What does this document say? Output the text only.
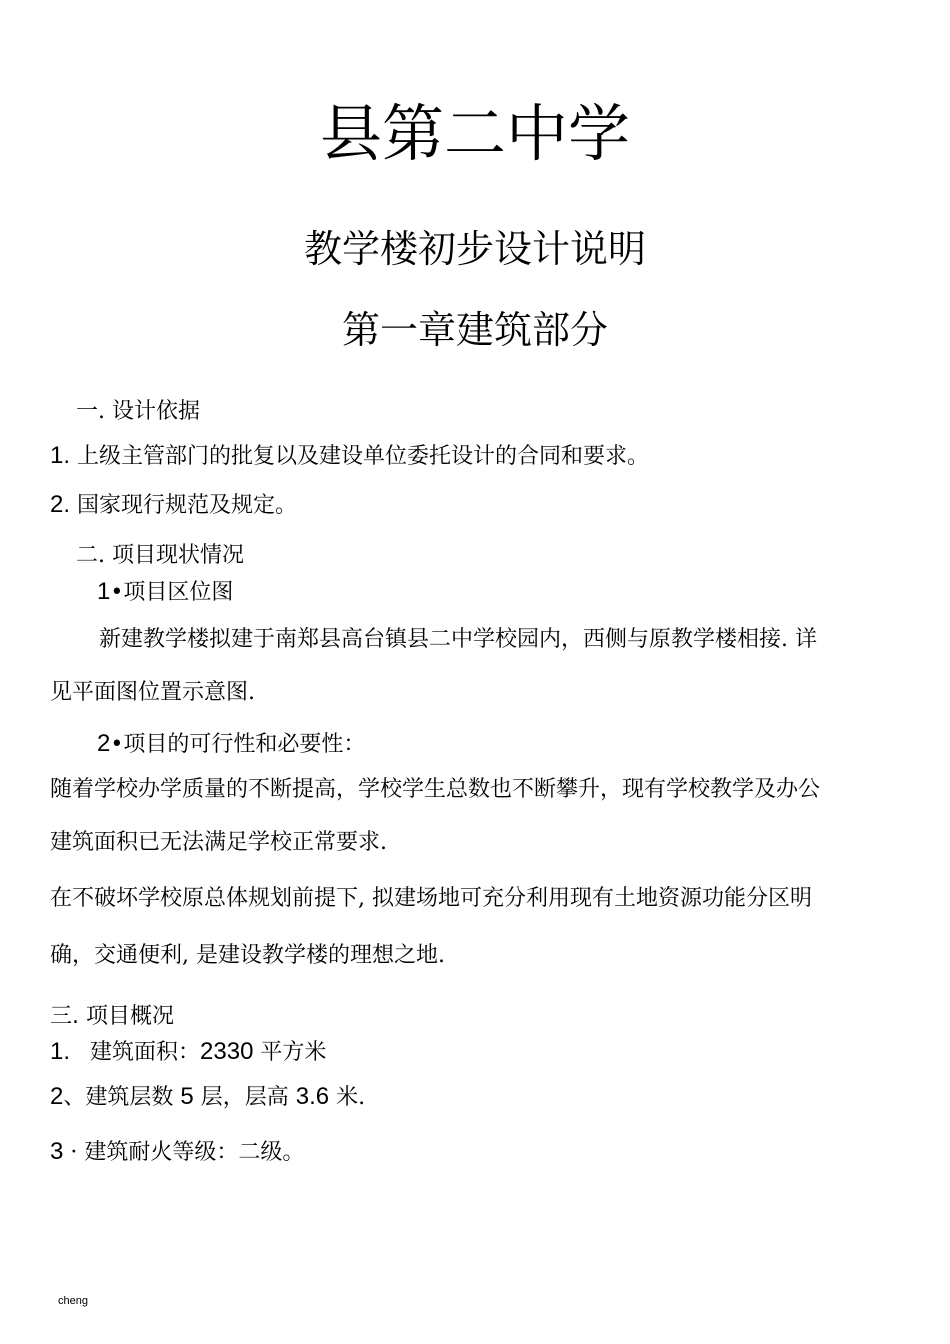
县第二中学
教学楼初步设计说明
第一章建筑部分
一. 设计依据
1. 上级主管部门的批复以及建设单位委托设计的合同和要求。
2. 国家现行规范及规定。
二. 项目现状情况
1•项目区位图
新建教学楼拟建于南郑县高台镇县二中学校园内，西侧与原教学楼相接. 详
见平面图位置示意图.
2•项目的可行性和必要性：
随着学校办学质量的不断提高，学校学生总数也不断攀升，现有学校教学及办公
建筑面积已无法满足学校正常要求.
在不破坏学校原总体规划前提下, 拟建场地可充分利用现有土地资源功能分区明
确，交通便利, 是建设教学楼的理想之地.
三. 项目概况
1. 建筑面积：2330 平方米
2、建筑层数 5 层，层高 3.6 米.
3 · 建筑耐火等级：二级。
cheng
